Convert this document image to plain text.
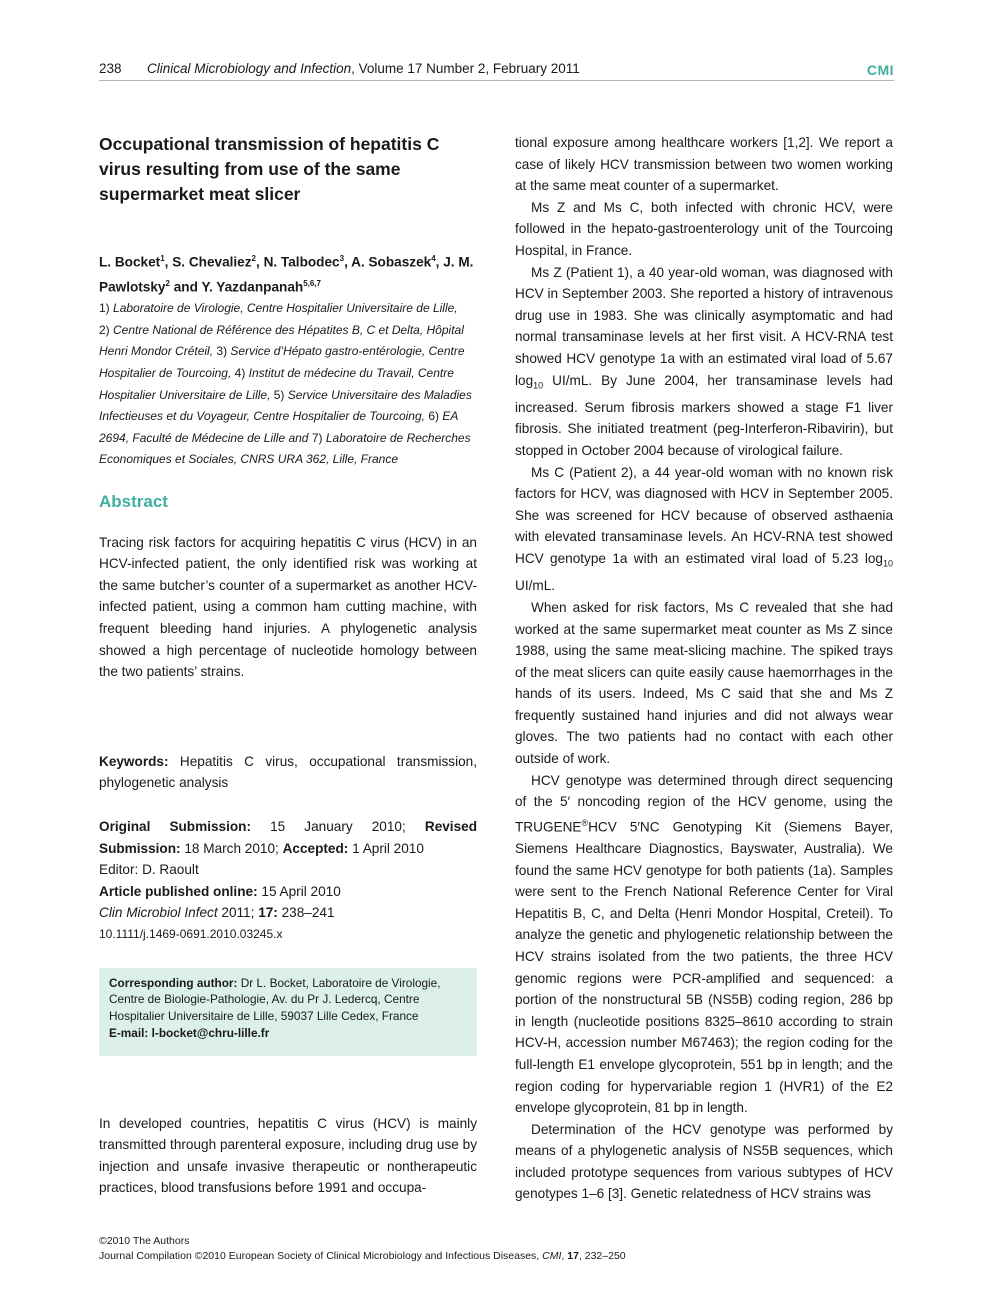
238 Clinical Microbiology and Infection, Volume 17 Number 2, February 2011	CMI
Occupational transmission of hepatitis C virus resulting from use of the same supermarket meat slicer

L. Bocket$^1$, S. Chevaliez$^2$, N. Talbodec$^3$, A. Sobaszek$^4$, J. M. Pawlotsky$^2$ and Y. Yazdanpanah$^{5,6,7}$

1) Laboratoire de Virologie, Centre Hospitalier Universitaire de Lille,
2) Centre National de Référence des Hépatites B, C et Delta, Hôpital Henri Mondor Créteil, 3) Service d’Hépato gastro-entérologie, Centre Hospitalier de Tourcoing, 4) Institut de médecine du Travail, Centre Hospitalier Universitaire de Lille, 5) Service Universitaire des Maladies Infectieuses et du Voyageur, Centre Hospitalier de Tourcoing, 6) EA 2694, Faculté de Médecine de Lille and 7) Laboratoire de Recherches Economiques et Sociales, CNRS URA 362, Lille, France

Abstract

Tracing risk factors for acquiring hepatitis C virus (HCV) in an HCV-infected patient, the only identified risk was working at the same butcher’s counter of a supermarket as another HCV-infected patient, using a common ham cutting machine, with frequent bleeding hand injuries. A phylogenetic analysis showed a high percentage of nucleotide homology between the two patients’ strains.

Keywords: Hepatitis C virus, occupational transmission, phylogenetic analysis

Original Submission: 15 January 2010; Revised Submission: 18 March 2010; Accepted: 1 April 2010

Editor: D. Raoult

Article published online: 15 April 2010

Clin Microbiol Infect 2011; 17: 238–241

10.1111/j.1469-0691.2010.03245.x

Corresponding author: Dr L. Bocket, Laboratoire de Virologie, Centre de Biologie-Pathologie, Av. du Pr J. Ledercq, Centre Hospitalier Universitaire de Lille, 59037 Lille Cedex, France
E-mail: l-bocket@chru-lille.fr

In developed countries, hepatitis C virus (HCV) is mainly transmitted through parenteral exposure, including drug use by injection and unsafe invasive therapeutic or nontherapeutic practices, blood transfusions before 1991 and occupa-

tional exposure among healthcare workers [1,2]. We report a case of likely HCV transmission between two women working at the same meat counter of a supermarket.

Ms Z and Ms C, both infected with chronic HCV, were followed in the hepato-gastroenterology unit of the Tourcoing Hospital, in France.

Ms Z (Patient 1), a 40 year-old woman, was diagnosed with HCV in September 2003. She reported a history of intravenous drug use in 1983. She was clinically asymptomatic and had normal transaminase levels at her first visit. A HCV-RNA test showed HCV genotype 1a with an estimated viral load of 5.67 $\log_{10} UI/mL$. By June 2004, her transaminase levels had increased. Serum fibrosis markers showed a stage F1 liver fibrosis. She initiated treatment (peg-Interferon-Ribavirin), but stopped in October 2004 because of virological failure.

Ms C (Patient 2), a 44 year-old woman with no known risk factors for HCV, was diagnosed with HCV in September 2005. She was screened for HCV because of observed asthaenia with elevated transaminase levels. An HCV-RNA test showed HCV genotype 1a with an estimated viral load of 5.23 $\log_{10} UI/mL$.

When asked for risk factors, Ms C revealed that she had worked at the same supermarket meat counter as Ms Z since 1988, using the same meat-slicing machine. The spiked trays of the meat slicers can quite easily cause haemorrhages in the hands of its users. Indeed, Ms C said that she and Ms Z frequently sustained hand injuries and did not always wear gloves. The two patients had no contact with each other outside of work.

HCV genotype was determined through direct sequencing of the 5′ noncoding region of the HCV genome, using the TRUGENE®HCV 5′NC Genotyping Kit (Siemens Bayer, Siemens Healthcare Diagnostics, Bayswater, Australia). We found the same HCV genotype for both patients (1a). Samples were sent to the French National Reference Center for Viral Hepatitis B, C, and Delta (Henri Mondor Hospital, Creteil). To analyze the genetic and phylogenetic relationship between the HCV strains isolated from the two patients, the three HCV genomic regions were PCR-amplified and sequenced: a portion of the nonstructural 5B (NS5B) coding region, 286 bp in length (nucleotide positions 8325–8610 according to strain HCV-H, accession number M67463); the region coding for the full-length E1 envelope glycoprotein, 551 bp in length; and the region coding for hypervariable region 1 (HVR1) of the E2 envelope glycoprotein, 81 bp in length.

Determination of the HCV genotype was performed by means of a phylogenetic analysis of NS5B sequences, which included prototype sequences from various subtypes of HCV genotypes 1–6 [3]. Genetic relatedness of HCV strains was

©2010 The Authors
Journal Compilation ©2010 European Society of Clinical Microbiology and Infectious Diseases, CMI, 17, 232–250
